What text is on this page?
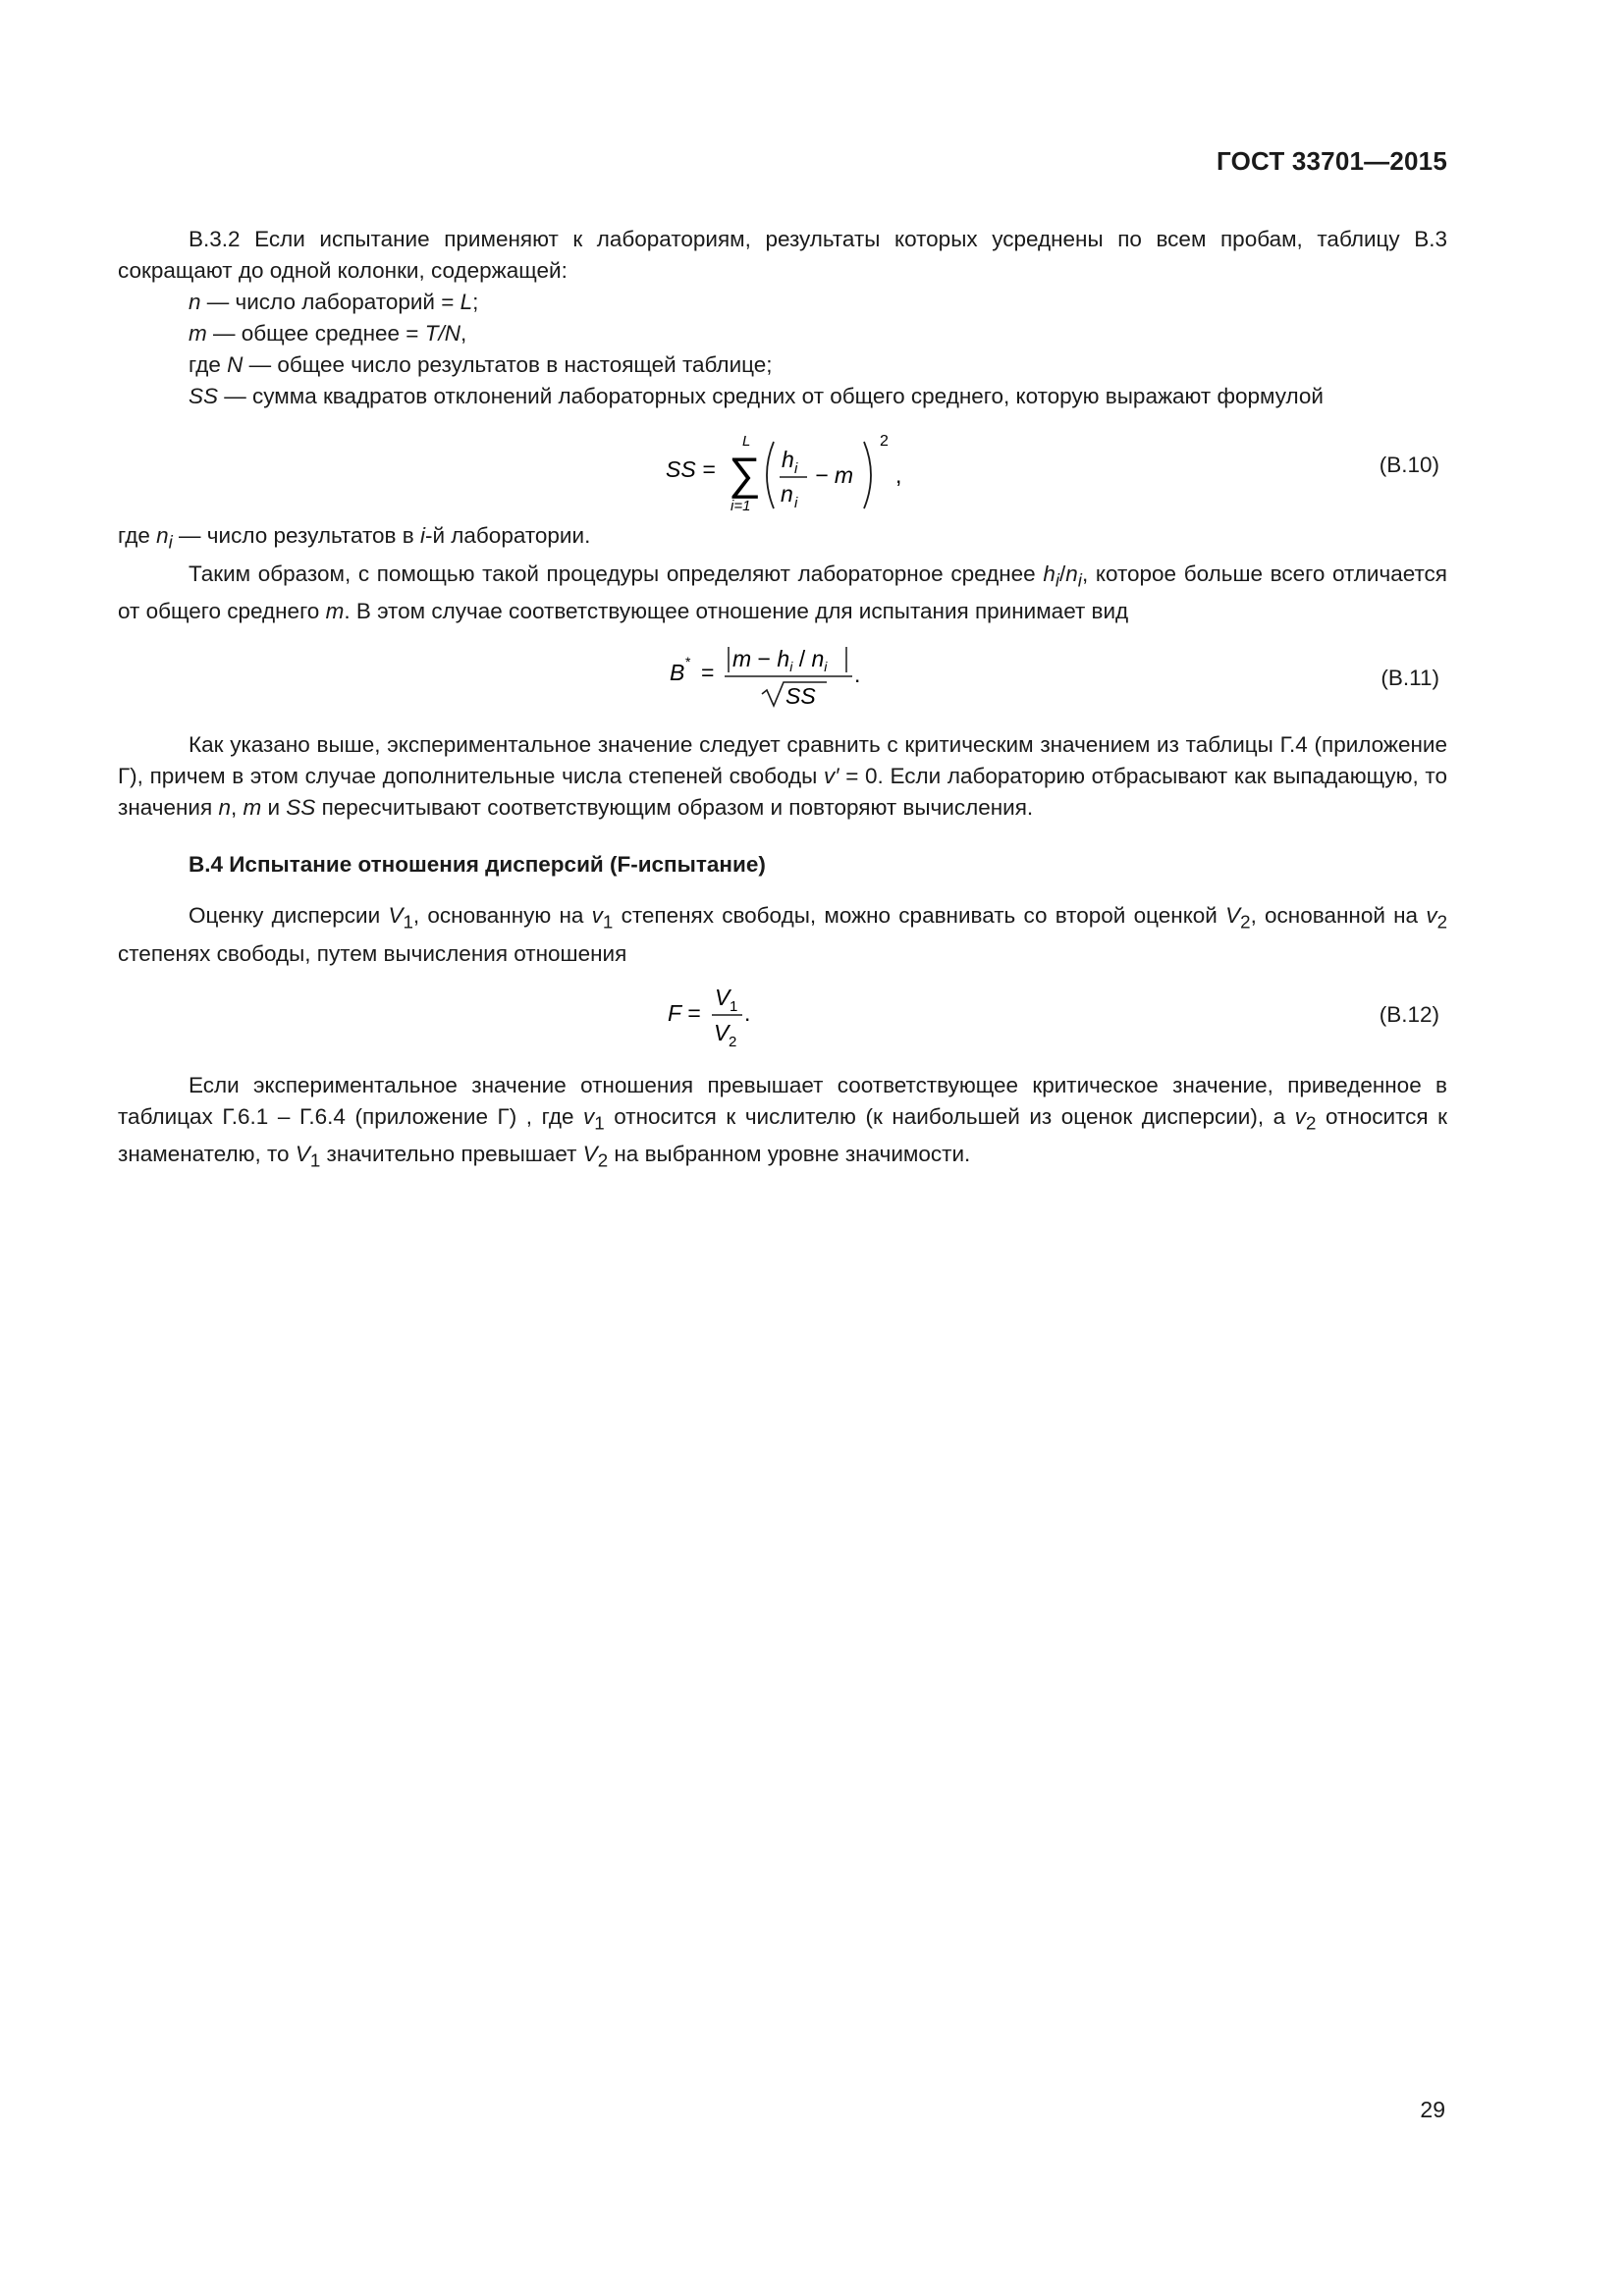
ГОСТ 33701—2015

В.3.2 Если испытание применяют к лабораториям, результаты которых усреднены по всем пробам, таблицу В.3 сокращают до одной колонки, содержащей:

n — число лабораторий = L;

m — общее среднее = T/N,

где N — общее число результатов в настоящей таблице;

SS — сумма квадратов отклонений лабораторных средних от общего среднего, которую выражают формулой

SS = ∑
L
i=1
h i
n i
− m
2
,	(В.10)

где $n_i$ — число результатов в i-й лаборатории.

Таким образом, с помощью такой процедуры определяют лабораторное среднее $h_i/n_i$, которое больше всего отличается от общего среднего m. В этом случае соответствующее отношение для испытания принимает вид

B * =
$m - h_i / n_i$
SS
.	(В.11)

Как указано выше, экспериментальное значение следует сравнить с критическим значением из таблицы Г.4 (приложение Г), причем в этом случае дополнительные числа степеней свободы v′ = 0. Если лабораторию отбрасывают как выпадающую, то значения n, m и SS пересчитывают соответствующим образом и повторяют вычисления.

В.4 Испытание отношения дисперсий (F-испытание)

Оценку дисперсии $V_1$, основанную на $v_1$ степенях свободы, можно сравнивать со второй оценкой $V_2$, основанной на $v_2$ степенях свободы, путем вычисления отношения

F =
V 1
V 2
.	(В.12)

Если экспериментальное значение отношения превышает соответствующее критическое значение, приведенное в таблицах Г.6.1 – Г.6.4 (приложение Г) , где $v_1$ относится к числителю (к наибольшей из оценок дисперсии), а $v_2$ относится к знаменателю, то $V_1$ значительно превышает $V_2$ на выбранном уровне значимости.

29
